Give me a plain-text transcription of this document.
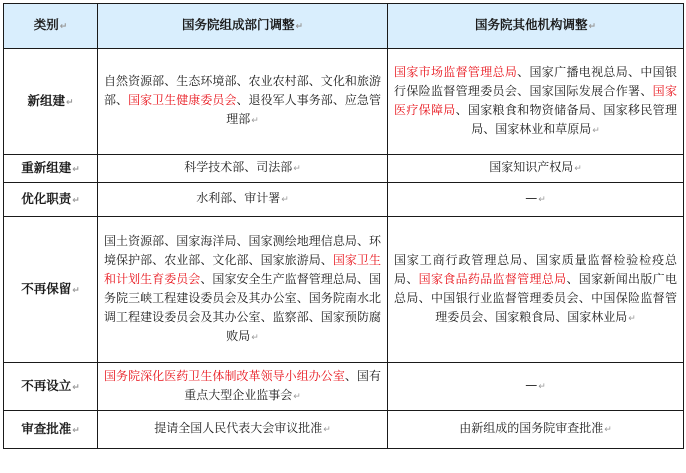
类别↵	国务院组成部门调整↵	国务院其他机构调整↵
新组建↵	自然资源部、生态环境部、农业农村部、文化和旅游部、国家卫生健康委员会、退役军人事务部、应急管理部↵	国家市场监督管理总局、国家广播电视总局、中国银行保险监督管理委员会、国家国际发展合作署、国家医疗保障局、国家粮食和物资储备局、国家移民管理局、国家林业和草原局↵
重新组建↵	科学技术部、司法部↵	国家知识产权局↵
优化职责↵	水利部、审计署↵	—↵
不再保留↵	国土资源部、国家海洋局、国家测绘地理信息局、环境保护部、农业部、文化部、国家旅游局、国家卫生和计划生育委员会、国家安全生产监督管理总局、国务院三峡工程建设委员会及其办公室、国务院南水北调工程建设委员会及其办公室、监察部、国家预防腐败局↵	国家工商行政管理总局、国家质量监督检验检疫总局、国家食品药品监督管理总局、国家新闻出版广电总局、中国银行业监督管理委员会、中国保险监督管理委员会、国家粮食局、国家林业局↵
不再设立↵	国务院深化医药卫生体制改革领导小组办公室、国有重点大型企业监事会↵	—↵
审查批准↵	提请全国人民代表大会审议批准↵	由新组成的国务院审查批准↵
